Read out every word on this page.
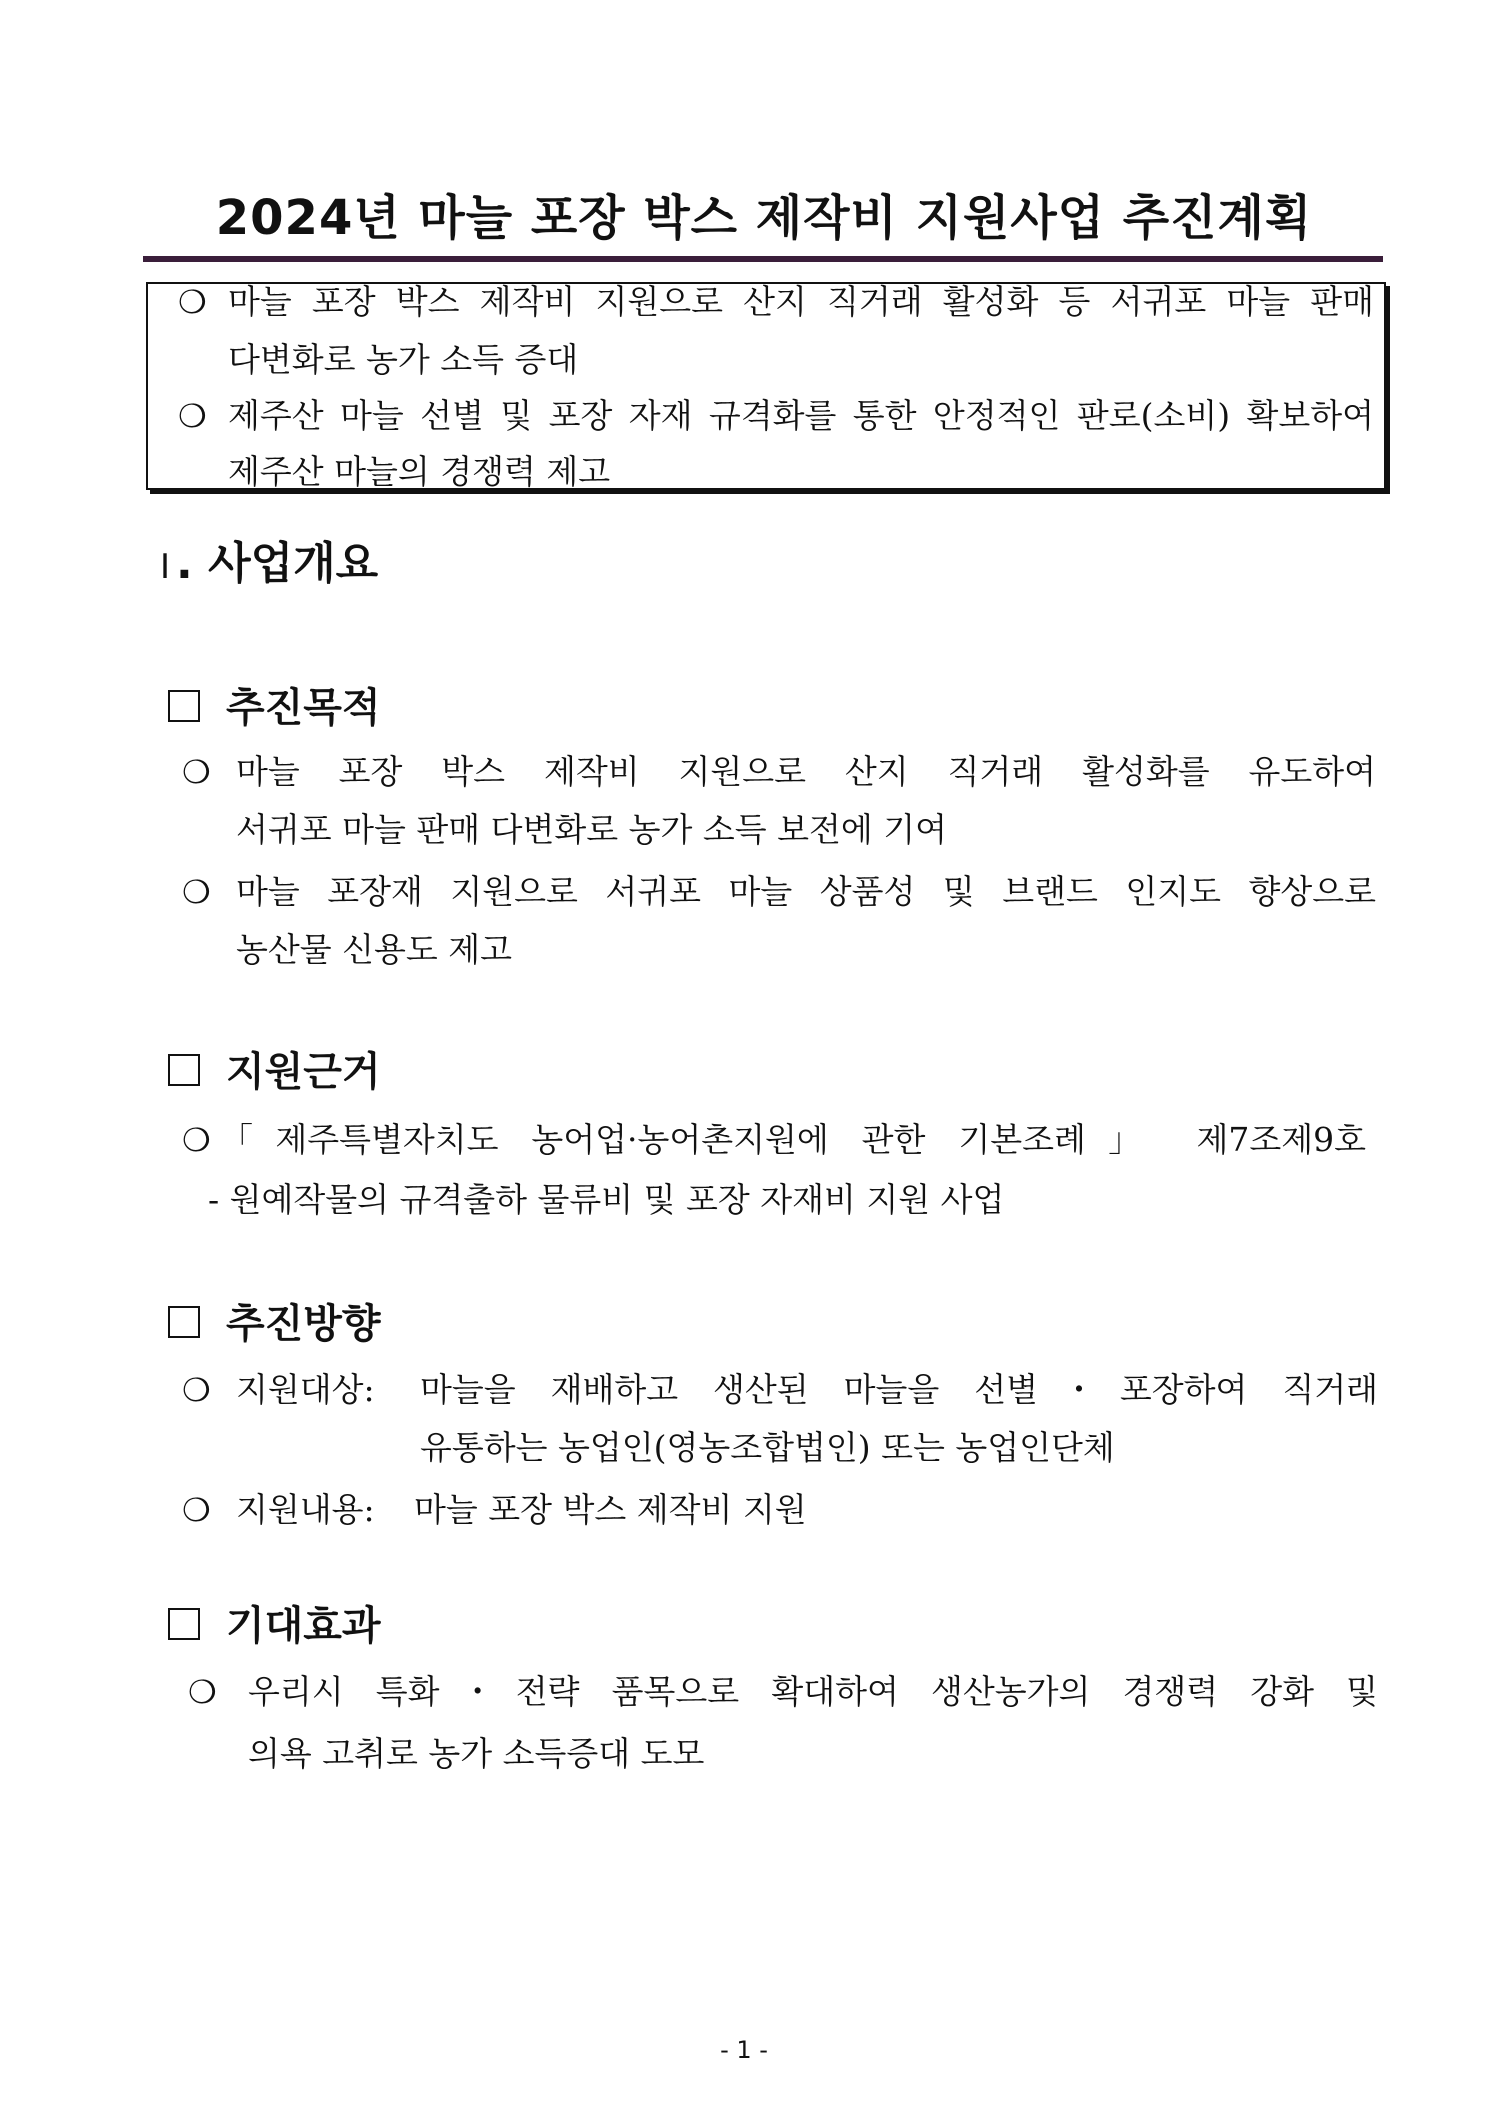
2024년 마늘 포장 박스 제작비 지원사업 추진계획
❍ 마늘 포장 박스 제작비 지원으로 산지 직거래 활성화 등 서귀포 마늘 판매
다변화로 농가 소득 증대
❍ 제주산 마늘 선별 및 포장 자재 규격화를 통한 안정적인 판로(소비) 확보하여
제주산 마늘의 경쟁력 제고
Ⅰ . 사업개요
추진목적
❍ 마늘 포장 박스 제작비 지원으로 산지 직거래 활성화를 유도하여
서귀포 마늘 판매 다변화로 농가 소득 보전에 기여
❍ 마늘 포장재 지원으로 서귀포 마늘 상품성 및 브랜드 인지도 향상으로
농산물 신용도 제고
지원근거
❍ 「제주특별자치도 농어업·농어촌지원에 관한 기본조례」 제7조제9호
- 원예작물의 규격출하 물류비 및 포장 자재비 지원 사업
추진방향
❍ 지원대상: 마늘을 재배하고 생산된 마늘을 선별・포장하여 직거래
유통하는 농업인(영농조합법인) 또는 농업인단체
❍ 지원내용: 마늘 포장 박스 제작비 지원
기대효과
❍ 우리시 특화・전략 품목으로 확대하여 생산농가의 경쟁력 강화 및
의욕 고취로 농가 소득증대 도모
- 1 -
